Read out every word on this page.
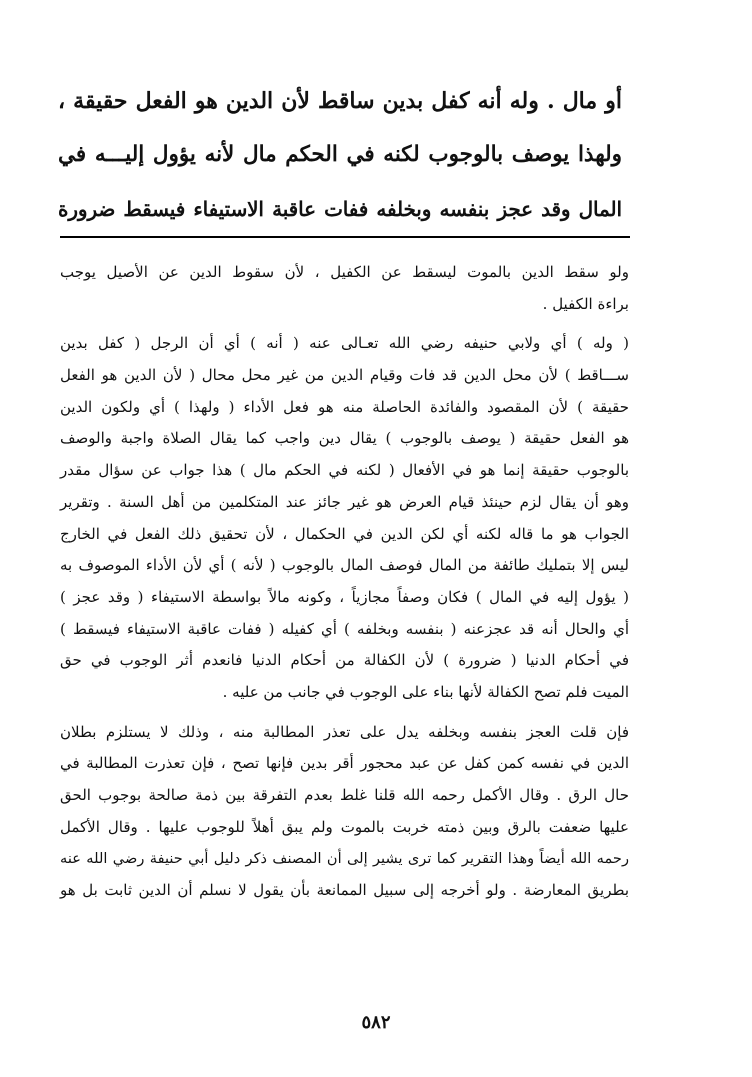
أو مال . وله أنه كفل بدين ساقط لأن الدين هو الفعل حقيقة ،
ولهذا يوصف بالوجوب لكنه في الحكم مال لأنه يؤول إليـــه في
المال وقد عجز بنفسه وبخلفه ففات عاقبة الاستيفاء فيسقط ضرورة
ولو سقط الدين بالموت ليسقط عن الكفيل ، لأن سقوط الدين عن الأصيل يوجب
براءة الكفيل .
( وله ) أي ولابي حنيفه رضي الله تعـالى عنه ( أنه ) أي أن الرجل ( كفل بدين
ســـاقط ) لأن محل الدين قد فات وقيام الدين من غير محل محال ( لأن الدين هو الفعل
حقيقة ) لأن المقصود والفائدة الحاصلة منه هو فعل الأداء ( ولهذا ) أي ولكون الدين
هو الفعل حقيقة ( يوصف بالوجوب ) يقال دين واجب كما يقال الصلاة واجبة والوصف
بالوجوب حقيقة إنما هو في الأفعال ( لكنه في الحكم مال ) هذا جواب عن سؤال مقدر
وهو أن يقال لزم حينئذ قيام العرض هو غير جائز عند المتكلمين من أهل السنة . وتقرير
الجواب هو ما قاله لكنه أي لكن الدين في الحكمال ، لأن تحقيق ذلك الفعل في الخارج
ليس إلا بتمليك طائفة من المال فوصف المال بالوجوب ( لأنه ) أي لأن الأداء الموصوف به
( يؤول إليه في المال ) فكان وصفاً مجازياً ، وكونه مالاً بواسطة الاستيفاء ( وقد عجز )
أي والحال أنه قد عجزعنه ( بنفسه وبخلفه ) أي كفيله ( ففات عاقبة الاستيفاء فيسقط )
في أحكام الدنيا ( ضرورة ) لأن الكفالة من أحكام الدنيا فانعدم أثر الوجوب في حق
الميت فلم تصح الكفالة لأنها بناء على الوجوب في جانب من عليه .
فإن قلت العجز بنفسه وبخلفه يدل على تعذر المطالبة منه ، وذلك لا يستلزم بطلان
الدين في نفسه كمن كفل عن عبد محجور أقر بدين فإنها تصح ، فإن تعذرت المطالبة في
حال الرق . وقال الأكمل رحمه الله قلنا غلط بعدم التفرقة بين ذمة صالحة بوجوب الحق
عليها ضعفت بالرق وبين ذمته خربت بالموت ولم يبق أهلاً للوجوب عليها . وقال الأكمل
رحمه الله أيضاً وهذا التقرير كما ترى يشير إلى أن المصنف ذكر دليل أبي حنيفة رضي الله عنه
بطريق المعارضة . ولو أخرجه إلى سبيل الممانعة بأن يقول لا نسلم أن الدين ثابت بل هو
٥٨٢
